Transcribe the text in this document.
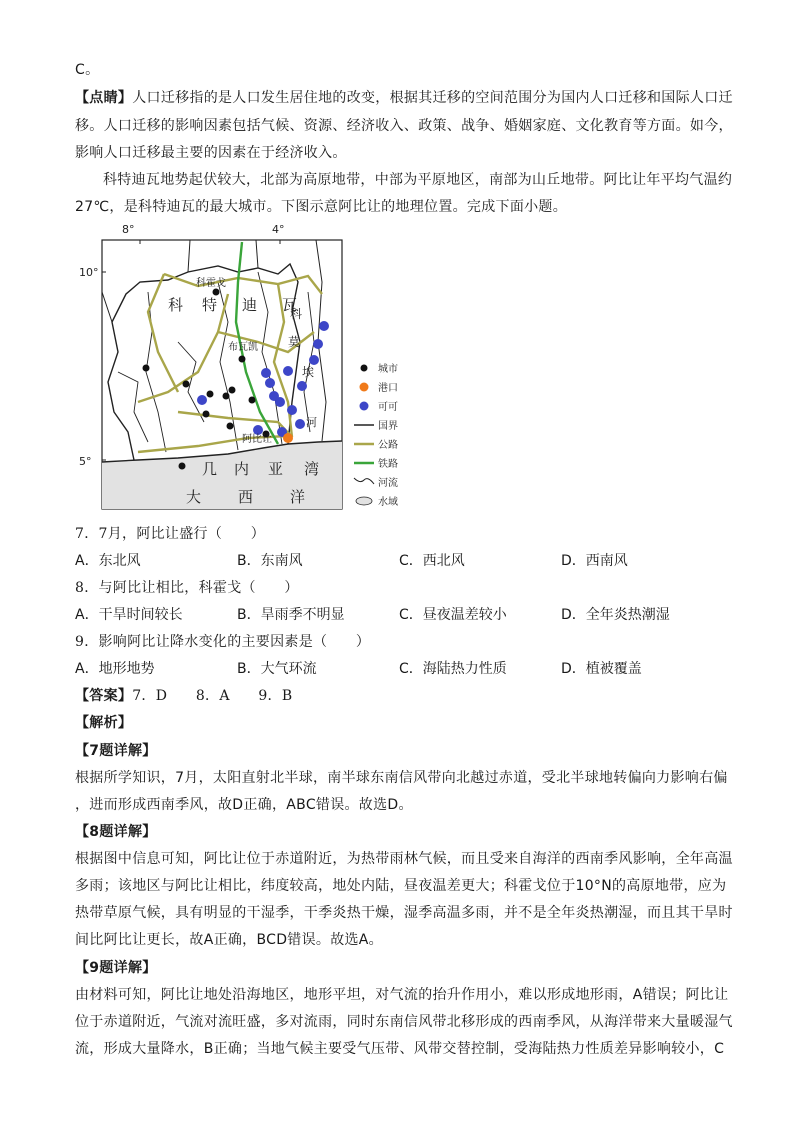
C。
【点睛】人口迁移指的是人口发生居住地的改变，根据其迁移的空间范围分为国内人口迁移和国际人口迁
移。人口迁移的影响因素包括气候、资源、经济收入、政策、战争、婚姻家庭、文化教育等方面。如今，
影响人口迁移最主要的因素在于经济收入。
科特迪瓦地势起伏较大，北部为高原地带，中部为平原地区，南部为山丘地带。阿比让年平均气温约
27℃，是科特迪瓦的最大城市。下图示意阿比让的地理位置。完成下面小题。
8°	4°
10°
5°
科霍戈
布瓦凯
阿比让
科 特 迪 瓦
科
莫
埃
河
几 内 亚 湾
大 西 洋
城市
港口
可可
国界
公路
铁路
河流
水域
7．7月，阿比让盛行（　　）
A．东北风	B．东南风	C．西北风	D．西南风
8．与阿比让相比，科霍戈（　　）
A．干旱时间较长	B．旱雨季不明显	C．昼夜温差较小	D．全年炎热潮湿
9．影响阿比让降水变化的主要因素是（　　）
A．地形地势	B．大气环流	C．海陆热力性质	D．植被覆盖
【答案】7．D　　8．A　　9．B
【解析】
【7题详解】
根据所学知识，7月，太阳直射北半球，南半球东南信风带向北越过赤道，受北半球地转偏向力影响右偏
，进而形成西南季风，故D正确，ABC错误。故选D。
【8题详解】
根据图中信息可知，阿比让位于赤道附近，为热带雨林气候，而且受来自海洋的西南季风影响，全年高温
多雨；该地区与阿比让相比，纬度较高，地处内陆，昼夜温差更大；科霍戈位于10°N的高原地带，应为
热带草原气候，具有明显的干湿季，干季炎热干燥，湿季高温多雨，并不是全年炎热潮湿，而且其干旱时
间比阿比让更长，故A正确，BCD错误。故选A。
【9题详解】
由材料可知，阿比让地处沿海地区，地形平坦，对气流的抬升作用小，难以形成地形雨，A错误；阿比让
位于赤道附近，气流对流旺盛，多对流雨，同时东南信风带北移形成的西南季风，从海洋带来大量暖湿气
流，形成大量降水，B正确；当地气候主要受气压带、风带交替控制，受海陆热力性质差异影响较小，C
